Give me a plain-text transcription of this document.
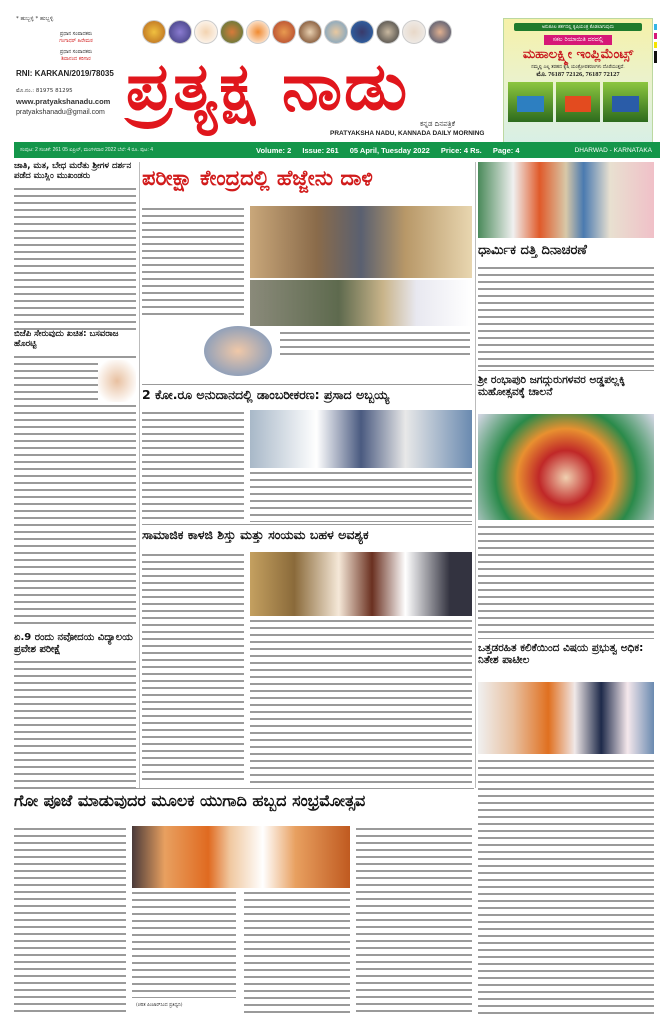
* ಹುಬ್ಬಳ್ಳಿ * ಹುಬ್ಬಳ್ಳಿ
ಪ್ರಧಾನ ಸಂಪಾದಕರು
ಗಂಗಾಧರ್ ಹಿರೇಮಠ
ಪ್ರಧಾನ ಸಂಪಾದಕರು
ಶಿವಾನಂದ ಕರಿಗಾರ
RNI: KARKAN/2019/78035
ಮೊ.ನಂ.: 81975 81295
www.pratyakshanadu.com
pratyakshanadu@gmail.com ಪ್ರತ್ಯಕ್ಷ ನಾಡು	ಕನ್ನಡ ದಿನಪತ್ರಿಕೆ
PRATYAKSHA NADU, KANNADA DAILY MORNING
ಅನುಕೂಲ ಶರ್ತದಲ್ಲಿ ಕೃಷಿಯಂತ್ರ ಕೊಡಲಾಗುವುದು
ಸಕಲ ರಿಯಾಯಿತಿ ದರದಲ್ಲಿ
ಮಹಾಲಕ್ಷ್ಮೀ ಇಂಪ್ಲಿಮೆಂಟ್ಸ್
ನಮ್ಮಲ್ಲಿ ಎಲ್ಲ ತರಹದ ಕೃಷಿ ಯಂತ್ರೋಪಕರಣಗಳು ದೊರೆಯುತ್ತವೆ.
ಮೊ. 76187 72126, 76187 72127
ಸಂಪುಟ: 2 ಸಂಚಿಕೆ: 261 05 ಏಪ್ರಿಲ್, ಮಂಗಳವಾರ 2022 ಬೆಲೆ: 4 ರೂ. ಪುಟ: 4	Volume: 2 Issue: 261 05 April, Tuesday 2022 Price: 4 Rs. Page: 4	DHARWAD - KARNATAKA
ಜಾತಿ, ಮತ, ಬೇಧ ಮರೆತು ಶ್ರೀಗಳ ದರ್ಶನ ಪಡೆದ ಮುಸ್ಲಿಂ ಮುಖಂಡರು
ಬಿಜೆಪಿ ಸೇರುವುದು ಖಚಿತ: ಬಸವರಾಜ ಹೊರಟ್ಟಿ
ಏ.9 ರಂದು ನವೋದಯ ವಿದ್ಯಾಲಯ ಪ್ರವೇಶ ಪರೀಕ್ಷೆ
ಪರೀಕ್ಷಾ ಕೇಂದ್ರದಲ್ಲಿ ಹೆಜ್ಜೇನು ದಾಳಿ
2 ಕೋ.ರೂ ಅನುದಾನದಲ್ಲಿ ಡಾಂಬರೀಕರಣ: ಪ್ರಸಾದ ಅಬ್ಬಯ್ಯ
ಸಾಮಾಜಿಕ ಕಾಳಜಿ ಶಿಸ್ತು ಮತ್ತು ಸಂಯಮ ಬಹಳ ಅವಶ್ಯಕ
ಧಾರ್ಮಿಕ ದತ್ತಿ ದಿನಾಚರಣೆ
ಶ್ರೀ ರಂಭಾಪುರಿ ಜಗದ್ಗುರುಗಳವರ ಅಡ್ಡಪಲ್ಲಕ್ಕಿ ಮಹೋತ್ಸವಕ್ಕೆ ಚಾಲನೆ
ಒತ್ತಡರಹಿತ ಕಲಿಕೆಯಿಂದ ವಿಷಯ ಪ್ರಭುತ್ವ ಅಧಿಕ: ನಿತೇಶ ಪಾಟೀಲ
ಗೋ ಪೂಜೆ ಮಾಡುವುದರ ಮೂಲಕ ಯುಗಾದಿ ಹಬ್ಬದ ಸಂಭ್ರಮೋತ್ಸವ
(ಚರಿತ ಪಿಂಜಾರ್‌ಸಿಂದ ಪ್ರತಿಧ್ವನಿ)
